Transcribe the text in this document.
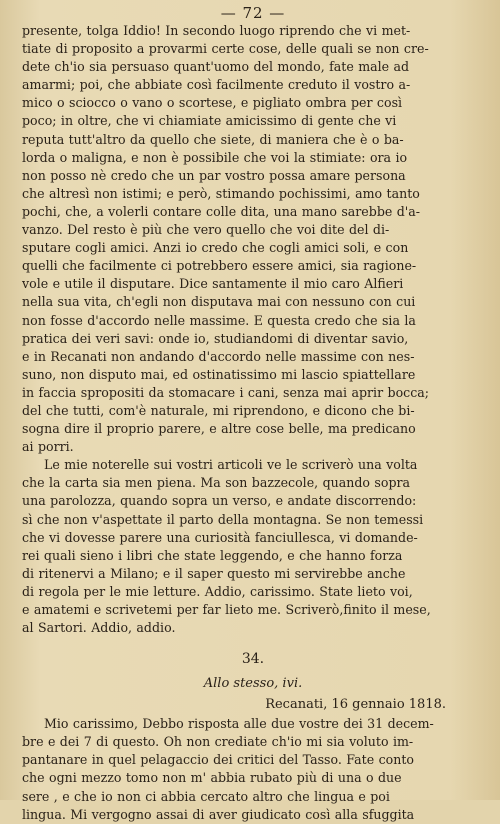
— 72 —
presente, tolga Iddio! In secondo luogo riprendo che vi met-
tiate di proposito a provarmi certe cose, delle quali se non cre-
dete ch'io sia persuaso quant'uomo del mondo, fate male ad
amarmi; poi, che abbiate così facilmente creduto il vostro a-
mico o sciocco o vano o scortese, e pigliato ombra per così
poco; in oltre, che vi chiamiate amicissimo di gente che vi
reputa tutt'altro da quello che siete, di maniera che è o ba-
lorda o maligna, e non è possibile che voi la stimiate: ora io
non posso nè credo che un par vostro possa amare persona
che altresì non istimi; e però, stimando pochissimi, amo tanto
pochi, che, a volerli contare colle dita, una mano sarebbe d'a-
vanzo. Del resto è più che vero quello che voi dite del di-
sputare cogli amici. Anzi io credo che cogli amici soli, e con
quelli che facilmente ci potrebbero essere amici, sia ragione-
vole e utile il disputare. Dice santamente il mio caro Alfieri
nella sua vita, ch'egli non disputava mai con nessuno con cui
non fosse d'accordo nelle massime. E questa credo che sia la
pratica dei veri savi: onde io, studiandomi di diventar savio,
e in Recanati non andando d'accordo nelle massime con nes-
suno, non disputo mai, ed ostinatissimo mi lascio spiattellare
in faccia spropositi da stomacare i cani, senza mai aprir bocca;
del che tutti, com'è naturale, mi riprendono, e dicono che bi-
sogna dire il proprio parere, e altre cose belle, ma predicano
ai porri.
Le mie noterelle sui vostri articoli ve le scriverò una volta
che la carta sia men piena. Ma son bazzecole, quando sopra
una parolozza, quando sopra un verso, e andate discorrendo:
sì che non v'aspettate il parto della montagna. Se non temessi
che vi dovesse parere una curiosità fanciullesca, vi domande-
rei quali sieno i libri che state leggendo, e che hanno forza
di ritenervi a Milano; e il saper questo mi servirebbe anche
di regola per le mie letture. Addio, carissimo. State lieto voi,
e amatemi e scrivetemi per far lieto me. Scriverò,finito il mese,
al Sartori. Addio, addio.
34.
Allo stesso, ivi.
Recanati, 16 gennaio 1818.
Mio carissimo, Debbo risposta alle due vostre dei 31 decem-
bre e dei 7 di questo. Oh non crediate ch'io mi sia voluto im-
pantanare in quel pelagaccio dei critici del Tasso. Fate conto
che ogni mezzo tomo non m' abbia rubato più di una o due
sere , e che io non ci abbia cercato altro che lingua e poi
lingua. Mi vergogno assai di aver giudicato così alla sfuggita
